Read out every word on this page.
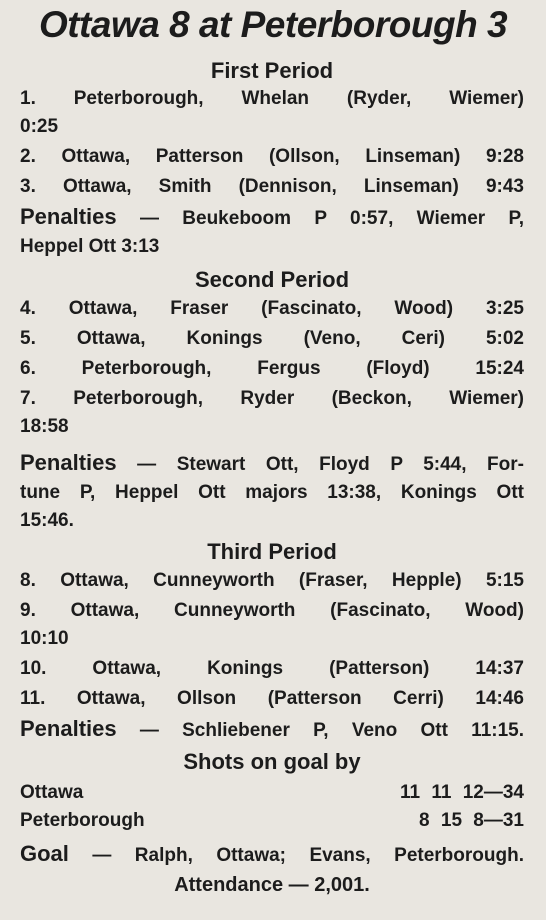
Ottawa 8 at Peterborough 3
First Period
1. Peterborough, Whelan (Ryder, Wiemer)
0:25
2. Ottawa, Patterson (Ollson, Linseman) 9:28
3. Ottawa, Smith (Dennison, Linseman) 9:43
Penalties — Beukeboom P 0:57, Wiemer P,
Heppel Ott 3:13
Second Period
4. Ottawa, Fraser (Fascinato, Wood) 3:25
5. Ottawa, Konings (Veno, Ceri) 5:02
6. Peterborough, Fergus (Floyd) 15:24
7. Peterborough, Ryder (Beckon, Wiemer)
18:58
Penalties — Stewart Ott, Floyd P 5:44, For-
tune P, Heppel Ott majors 13:38, Konings Ott
15:46.
Third Period
8. Ottawa, Cunneyworth (Fraser, Hepple) 5:15
9. Ottawa, Cunneyworth (Fascinato, Wood)
10:10
10. Ottawa, Konings (Patterson) 14:37
11. Ottawa, Ollson (Patterson Cerri) 14:46
Penalties — Schliebener P, Veno Ott 11:15.
Shots on goal by
Ottawa	11 11 12—34
Peterborough	8 15 8—31
Goal — Ralph, Ottawa; Evans, Peterborough.
Attendance — 2,001.
